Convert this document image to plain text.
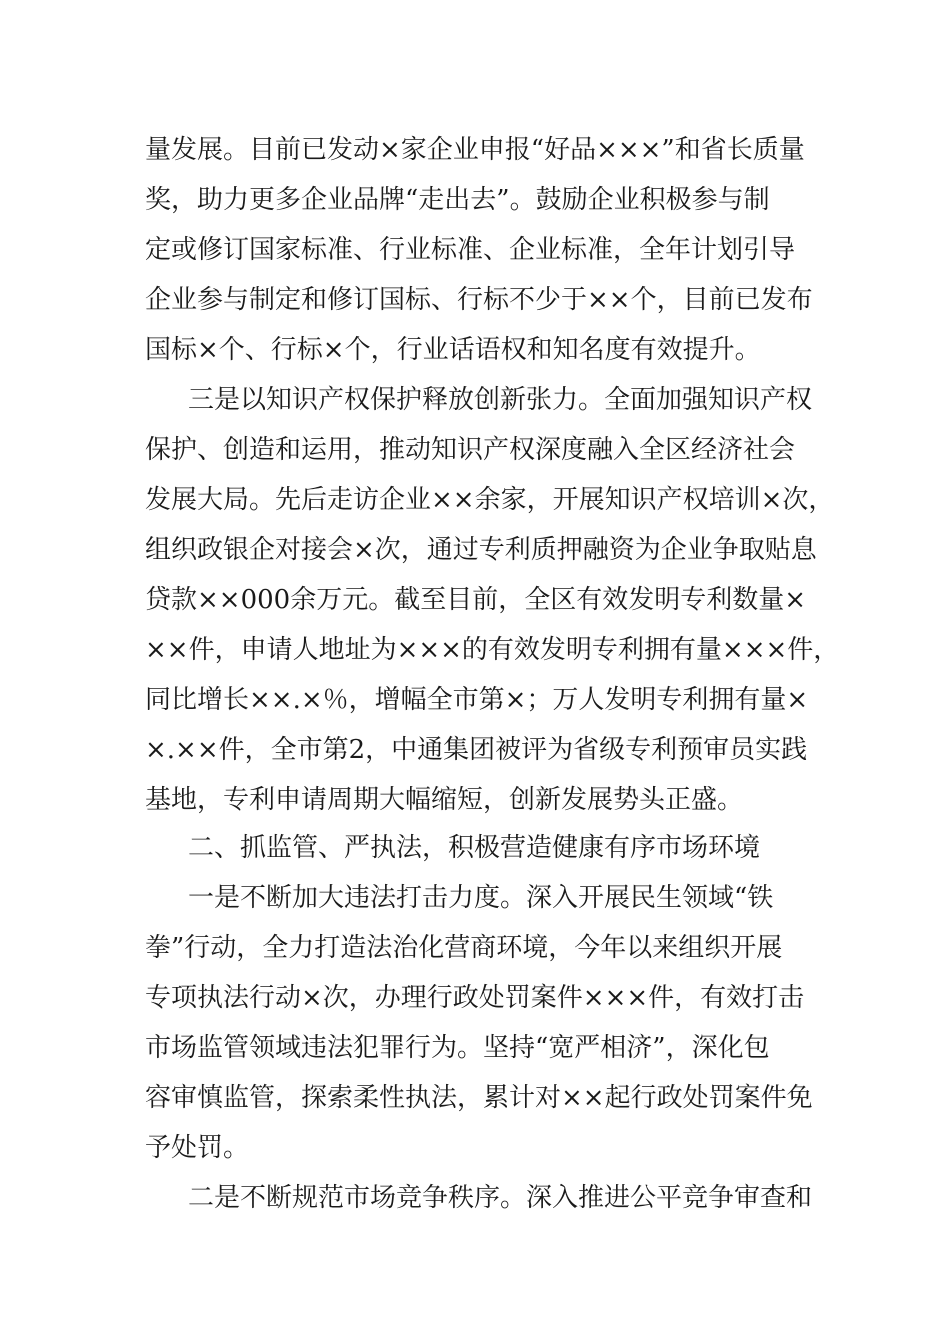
量发展。目前已发动×家企业申报“好品×××”和省长质量
奖，助力更多企业品牌“走出去”。鼓励企业积极参与制
定或修订国家标准、行业标准、企业标准，全年计划引导
企业参与制定和修订国标、行标不少于××个，目前已发布
国标×个、行标×个，行业话语权和知名度有效提升。
三是以知识产权保护释放创新张力。全面加强知识产权
保护、创造和运用，推动知识产权深度融入全区经济社会
发展大局。先后走访企业××余家，开展知识产权培训×次，
组织政银企对接会×次，通过专利质押融资为企业争取贴息
贷款××000余万元。截至目前，全区有效发明专利数量×
××件，申请人地址为×××的有效发明专利拥有量×××件，
同比增长××.×％，增幅全市第×；万人发明专利拥有量×
×.××件，全市第2，中通集团被评为省级专利预审员实践
基地，专利申请周期大幅缩短，创新发展势头正盛。
二、抓监管、严执法，积极营造健康有序市场环境
一是不断加大违法打击力度。深入开展民生领域“铁
拳”行动，全力打造法治化营商环境，今年以来组织开展
专项执法行动×次，办理行政处罚案件×××件，有效打击
市场监管领域违法犯罪行为。坚持“宽严相济”，深化包
容审慎监管，探索柔性执法，累计对××起行政处罚案件免
予处罚。
二是不断规范市场竞争秩序。深入推进公平竞争审查和
